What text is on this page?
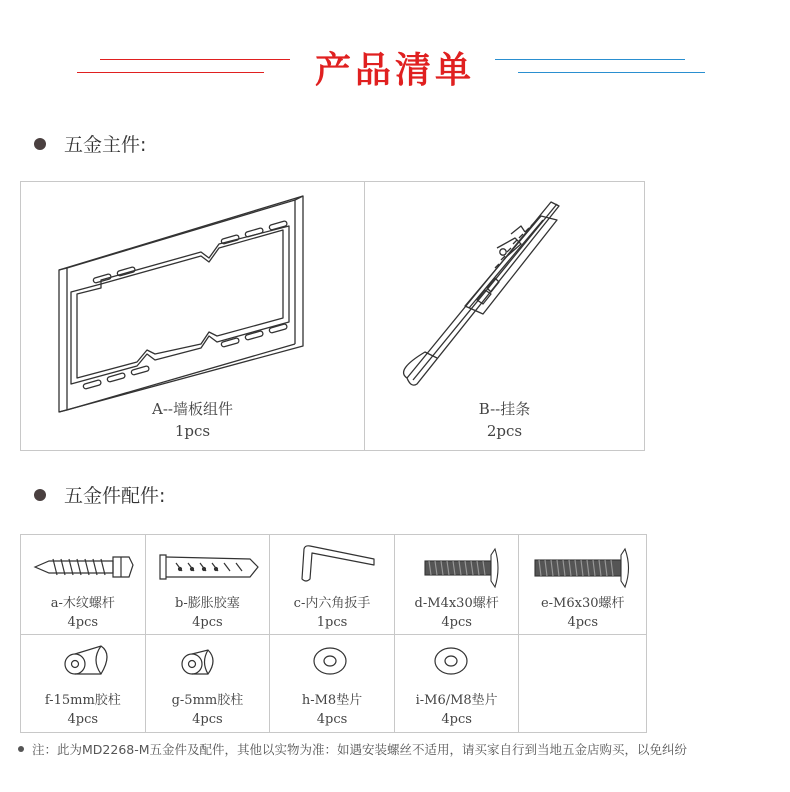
产品清单
五金主件:
A--墙板组件
1pcs
B--挂条
2pcs
五金件配件:
a-木纹螺杆
4pcs
b-膨胀胶塞
4pcs
c-内六角扳手
1pcs
d-M4x30螺杆
4pcs
e-M6x30螺杆
4pcs
f-15mm胶柱
4pcs
g-5mm胶柱
4pcs
h-M8垫片
4pcs
i-M6/M8垫片
4pcs
注：此为MD2268-M五金件及配件，其他以实物为准：如遇安装螺丝不适用，请买家自行到当地五金店购买，以免纠纷
